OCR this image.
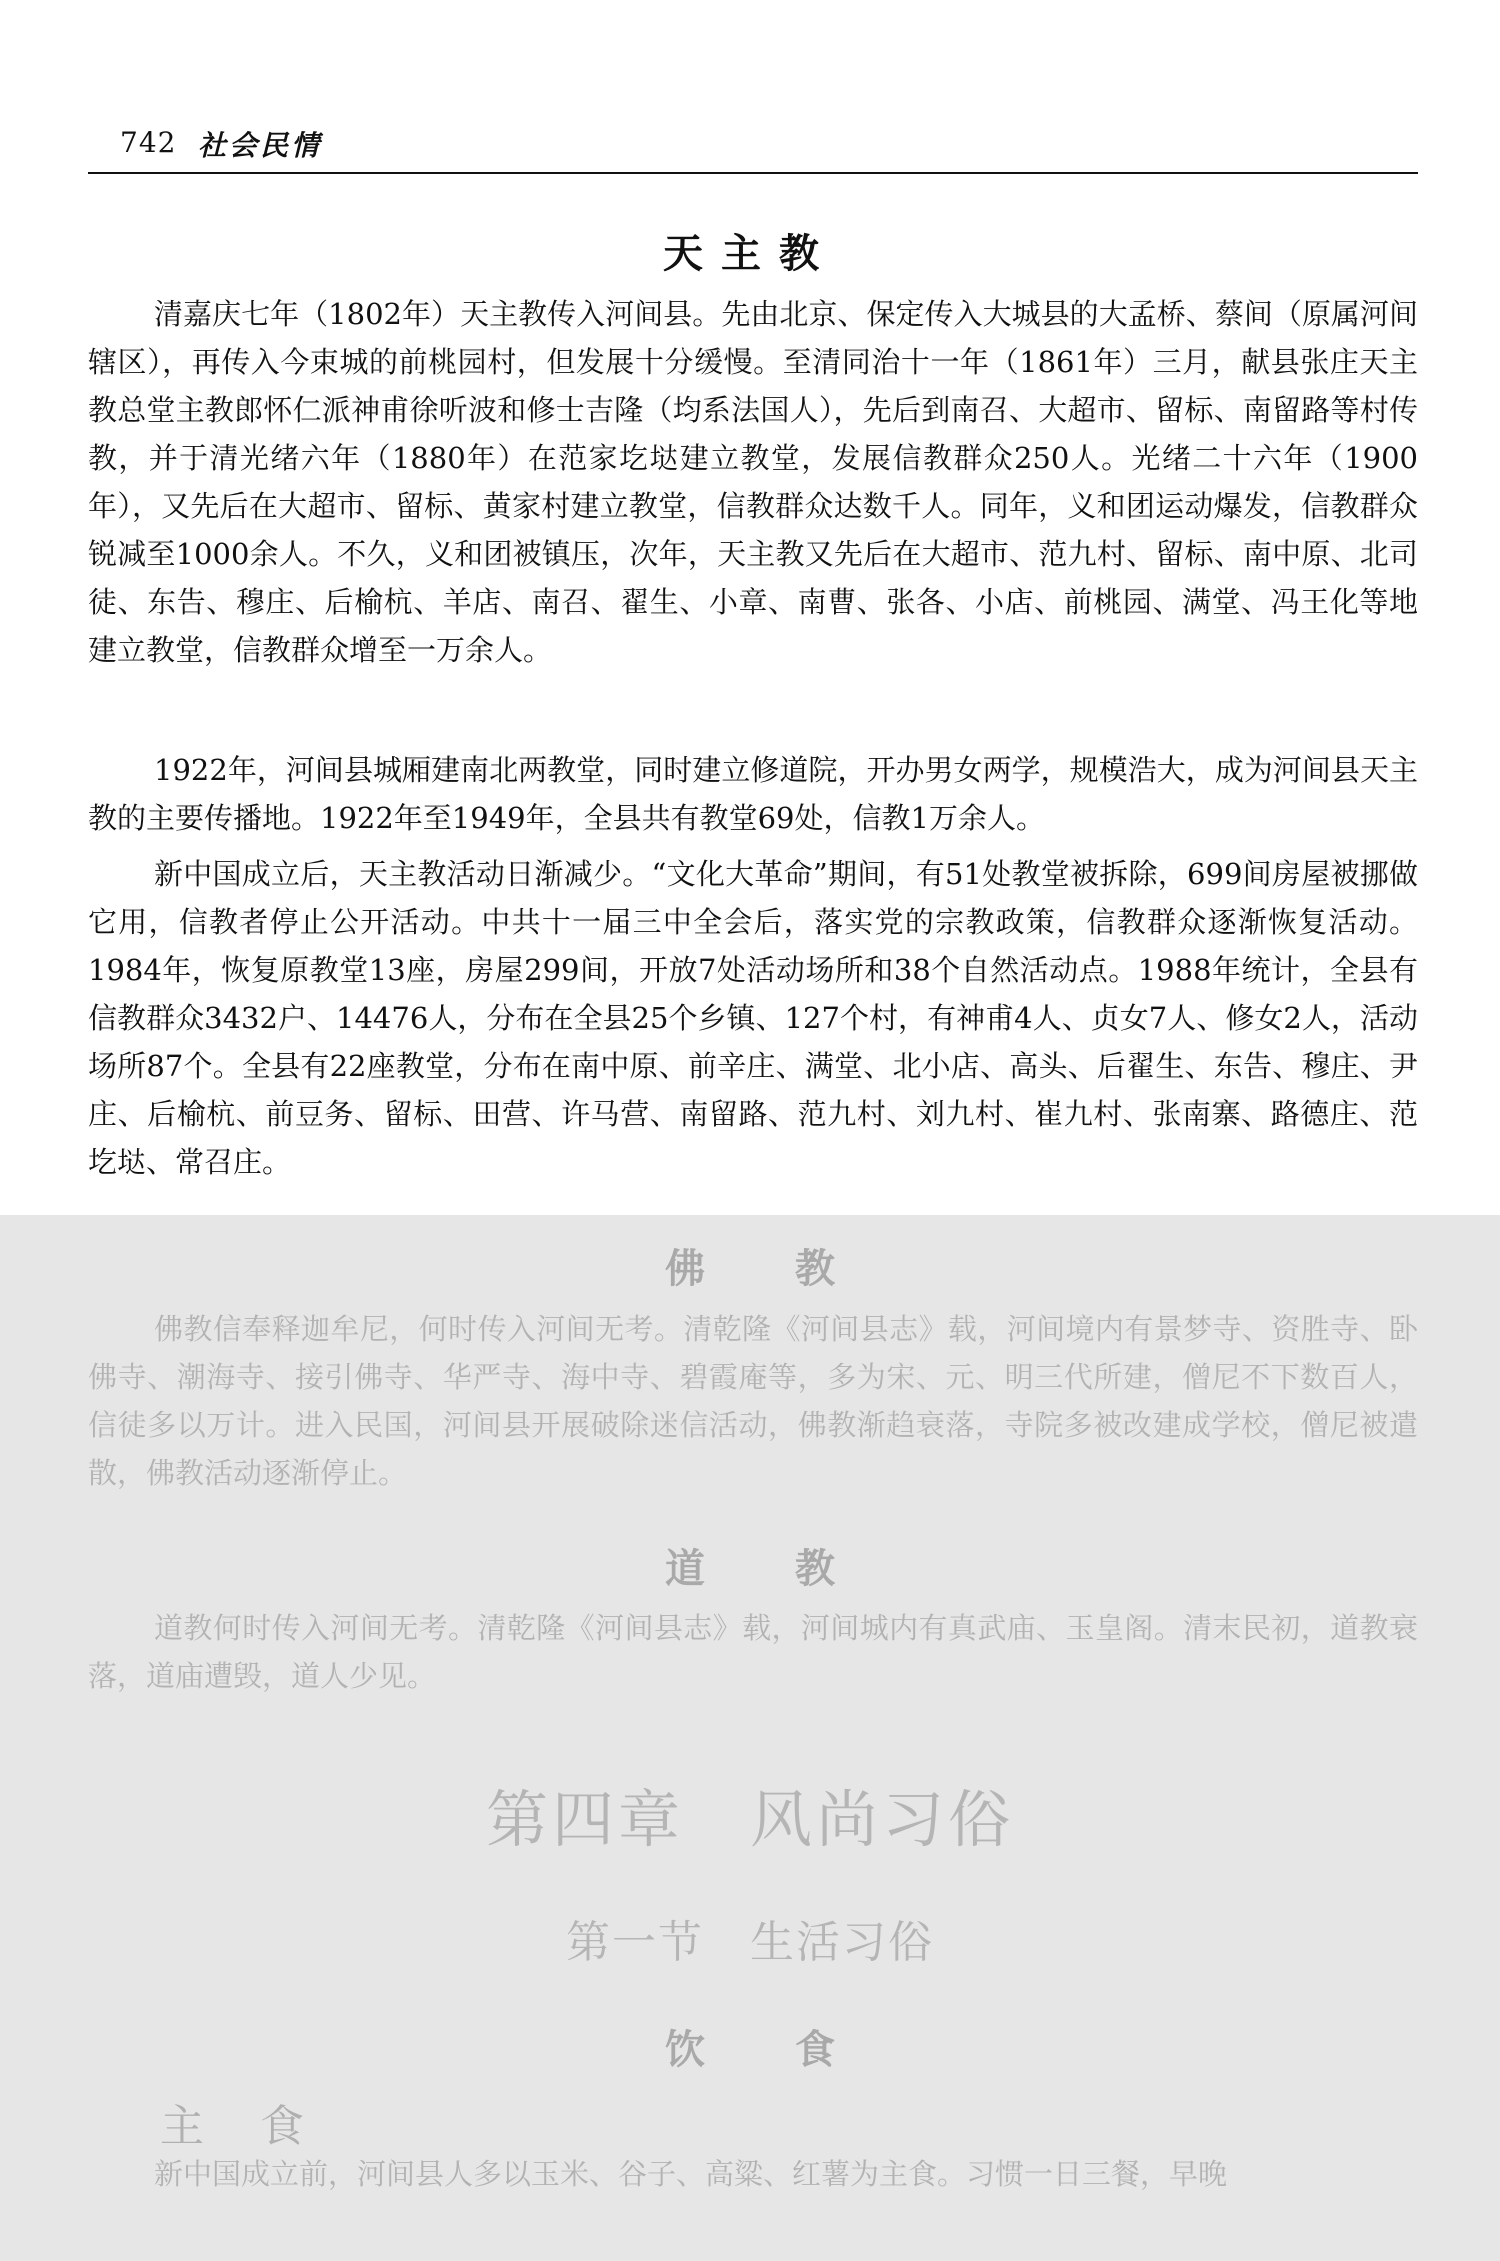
742 社会民情
天主教

清嘉庆七年（1802年）天主教传入河间县。先由北京、保定传入大城县的大孟桥、蔡间（原属河间辖区），再传入今束城的前桃园村，但发展十分缓慢。至清同治十一年（1861年）三月，献县张庄天主教总堂主教郎怀仁派神甫徐听波和修士吉隆（均系法国人），先后到南召、大超市、留标、南留路等村传教，并于清光绪六年（1880年）在范家圪垯建立教堂，发展信教群众250人。光绪二十六年（1900年），又先后在大超市、留标、黄家村建立教堂，信教群众达数千人。同年，义和团运动爆发，信教群众锐减至1000余人。不久，义和团被镇压，次年，天主教又先后在大超市、范九村、留标、南中原、北司徒、东告、穆庄、后榆杭、羊店、南召、翟生、小章、南曹、张各、小店、前桃园、满堂、冯王化等地建立教堂，信教群众增至一万余人。

1922年，河间县城厢建南北两教堂，同时建立修道院，开办男女两学，规模浩大，成为河间县天主教的主要传播地。1922年至1949年，全县共有教堂69处，信教1万余人。

新中国成立后，天主教活动日渐减少。“文化大革命”期间，有51处教堂被拆除，699间房屋被挪做它用，信教者停止公开活动。中共十一届三中全会后，落实党的宗教政策，信教群众逐渐恢复活动。1984年，恢复原教堂13座，房屋299间，开放7处活动场所和38个自然活动点。1988年统计，全县有信教群众3432户、14476人，分布在全县25个乡镇、127个村，有神甫4人、贞女7人、修女2人，活动场所87个。全县有22座教堂，分布在南中原、前辛庄、满堂、北小店、高头、后翟生、东告、穆庄、尹庄、后榆杭、前豆务、留标、田营、许马营、南留路、范九村、刘九村、崔九村、张南寨、路德庄、范圪垯、常召庄。

佛教

佛教信奉释迦牟尼，何时传入河间无考。清乾隆《河间县志》载，河间境内有景梦寺、资胜寺、卧佛寺、潮海寺、接引佛寺、华严寺、海中寺、碧霞庵等，多为宋、元、明三代所建，僧尼不下数百人，信徒多以万计。进入民国，河间县开展破除迷信活动，佛教渐趋衰落，寺院多被改建成学校，僧尼被遣散，佛教活动逐渐停止。

道教

道教何时传入河间无考。清乾隆《河间县志》载，河间城内有真武庙、玉皇阁。清末民初，道教衰落，道庙遭毁，道人少见。

第四章　风尚习俗
第一节　生活习俗
饮食
主食

新中国成立前，河间县人多以玉米、谷子、高粱、红薯为主食。习惯一日三餐，早晚
